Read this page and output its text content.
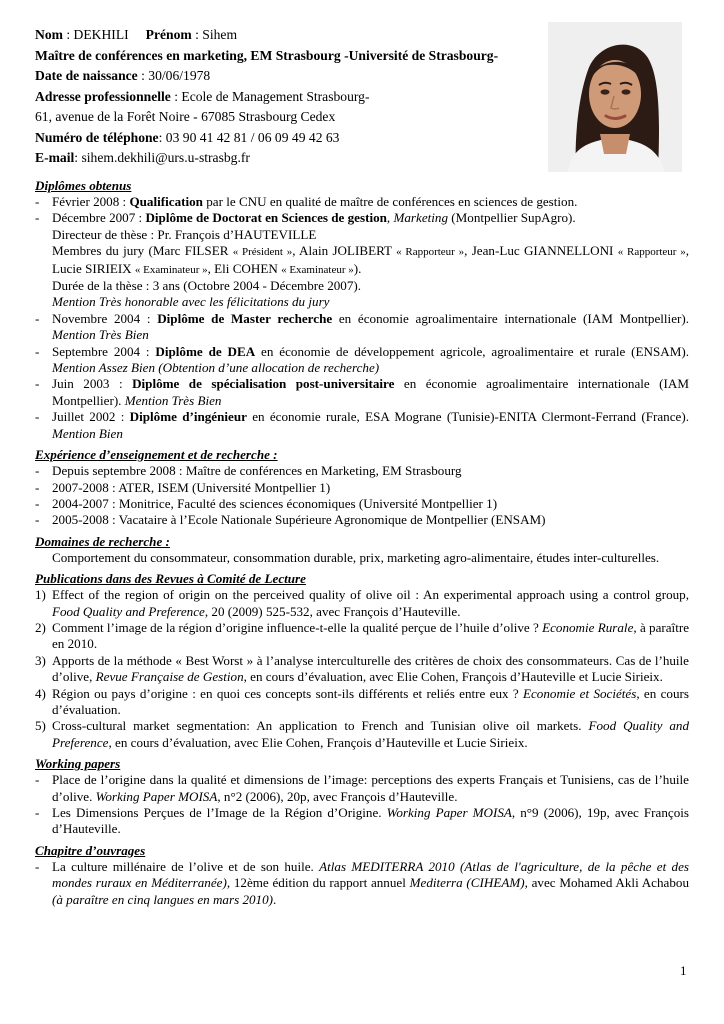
Nom : DEKHILI Prénom : Sihem
Maître de conférences en marketing, EM Strasbourg -Université de Strasbourg-
Date de naissance : 30/06/1978
Adresse professionnelle : Ecole de Management Strasbourg-
61, avenue de la Forêt Noire - 67085 Strasbourg Cedex
Numéro de téléphone: 03 90 41 42 81 / 06 09 49 42 63
E-mail: sihem.dekhili@urs.u-strasbg.fr
Diplômes obtenus
- Février 2008 : Qualification par le CNU en qualité de maître de conférences en sciences de gestion.
- Décembre 2007 : Diplôme de Doctorat en Sciences de gestion, Marketing (Montpellier SupAgro).
Directeur de thèse : Pr. François d’HAUTEVILLE
Membres du jury (Marc FILSER « Président », Alain JOLIBERT « Rapporteur », Jean-Luc GIANNELLONI « Rapporteur », Lucie SIRIEIX « Examinateur », Eli COHEN « Examinateur »).
Durée de la thèse : 3 ans (Octobre 2004 - Décembre 2007).
Mention Très honorable avec les félicitations du jury
- Novembre 2004 : Diplôme de Master recherche en économie agroalimentaire internationale (IAM Montpellier). Mention Très Bien
- Septembre 2004 : Diplôme de DEA en économie de développement agricole, agroalimentaire et rurale (ENSAM). Mention Assez Bien (Obtention d’une allocation de recherche)
- Juin 2003 : Diplôme de spécialisation post-universitaire en économie agroalimentaire internationale (IAM Montpellier). Mention Très Bien
- Juillet 2002 : Diplôme d’ingénieur en économie rurale, ESA Mograne (Tunisie)-ENITA Clermont-Ferrand (France). Mention Bien
Expérience d’enseignement et de recherche :
- Depuis septembre 2008 : Maître de conférences en Marketing, EM Strasbourg
- 2007-2008 : ATER, ISEM (Université Montpellier 1)
- 2004-2007 : Monitrice, Faculté des sciences économiques (Université Montpellier 1)
- 2005-2008 : Vacataire à l’Ecole Nationale Supérieure Agronomique de Montpellier (ENSAM)
Domaines de recherche :
Comportement du consommateur, consommation durable, prix, marketing agro-alimentaire, études inter-culturelles.
Publications dans des Revues à Comité de Lecture
1) Effect of the region of origin on the perceived quality of olive oil : An experimental approach using a control group, Food Quality and Preference, 20 (2009) 525-532, avec François d’Hauteville.
2) Comment l’image de la région d’origine influence-t-elle la qualité perçue de l’huile d’olive ? Economie Rurale, à paraître en 2010.
3) Apports de la méthode « Best Worst » à l’analyse interculturelle des critères de choix des consommateurs. Cas de l’huile d’olive, Revue Française de Gestion, en cours d’évaluation, avec Elie Cohen, François d’Hauteville et Lucie Sirieix.
4) Région ou pays d’origine : en quoi ces concepts sont-ils différents et reliés entre eux ? Economie et Sociétés, en cours d’évaluation.
5) Cross-cultural market segmentation: An application to French and Tunisian olive oil markets. Food Quality and Preference, en cours d’évaluation, avec Elie Cohen, François d’Hauteville et Lucie Sirieix.
Working papers
- Place de l’origine dans la qualité et dimensions de l’image: perceptions des experts Français et Tunisiens, cas de l’huile d’olive. Working Paper MOISA, n°2 (2006), 20p, avec François d’Hauteville.
- Les Dimensions Perçues de l’Image de la Région d’Origine. Working Paper MOISA, n°9 (2006), 19p, avec François d’Hauteville.
Chapitre d’ouvrages
- La culture millénaire de l’olive et de son huile. Atlas MEDITERRA 2010 (Atlas de l'agriculture, de la pêche et des mondes ruraux en Méditerranée), 12ème édition du rapport annuel Mediterra (CIHEAM), avec Mohamed Akli Achabou (à paraître en cinq langues en mars 2010).
1
